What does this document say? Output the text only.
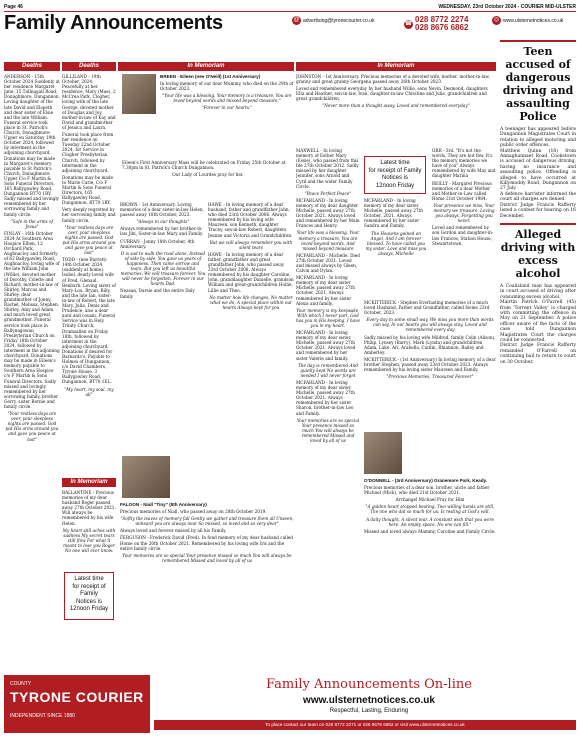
Page 46	WEDNESDAY, 23rd October 2024 - COURIER MID-ULSTER
Family Announcements	@ advertising@tyronecourier.co.uk	☎ 028 8772 2274
028 8676 6862
◎ www.ulsternetnotices.co.uk
Deaths	Deaths	In Memoriam	In Memoriam

ANDERSON - 15th October 2024 Suddenly at her residence Margaret Jane, 15 Tullnagall Road, Donaghmore, Dungannon. Loving daughter of the late David and Elspeth and dear sister of Elsie and the late William. Funeral service took place in St. Patrick's Church, Donaghmore Upper on Saturday 19th October 2024, followed by interment in the adjoining churchyard. Donations may be made in Margaret's memory payable to St Patrick's Church, Donaghmore Upper C/o F Martin & Sons Funeral Directors, 165 Ballygawley Road, Dungannon BT70 1RY. Sadly missed and lovingly remembered by her sorrowing family and family circle.

"Safe in the arms of Jesus"

FINLAY - 16th October 2024 At Southern Area Hospice Elben, 12 Orchard Park, Aughnacloy and formerly of 62 Ballygawley Road, Aughnacloy, loving wife of the late William John (Willie), devoted mother of Dorothy, Colette and Richard, mother-in-law of Shirley, Marcus and Shirley, dear grandmother of Jonny, Rachel, Melissa, Stephen, Shirley, Amy and Adam and much loved great grandmother. Funeral service took place in Ballynagowan Presbyterian Church on Friday 18th October 2024, followed by interment in the adjoining churchyard. Donations may be made in Eileen's memory payable to Southern Area Hospice c/o F Martin & Sons Funeral Directors. Sadly missed and lovingly remembered by her sorrowing family, brother Gerry, sister Bernie and family circle.

"Your restless days are over, your sleepless nights are passed. God put His arms around you and gave you peace at last"

GILLILAND - 19th October, 2024. Peacefully at her residence, Mary (Mae), 2 McCrea Park, Clogher, loving wife of the late George, devoted mother of Douglas and Joy, mother-in-law of Kay and David and grandmother of Jessica and Laura.

Funeral took place from her residence on Tuesday 22nd October 2024, for Service in Clogher Presbyterian Church, followed by interment in the adjoining churchyard.

Donations may be made to Marie Curie, C/o F Martin & Sons Funeral Directors, 165 Ballygawley Road, Dungannon, BT70 1RY.

Very deeply regretted by her sorrowing family and family circle.

"Your restless days are over, your sleepless nights are passed. God put His arms around you and gave you peace at last"

TODD - (nee Barrett) 14th October 2024 (suddenly at home). Isobel, dearly loved wife of Fred, Glenaul, Benburb. Loving sister of Mary-Lou, Bryan, Billy, and the late Ian, sister-in-law of Robert, the late Mary, Julia, Denis and Prudence, also a dear aunt and cousin. Funeral Service was in Holy Trinity Church, Drumsallen on Friday 18th, followed by interment in the adjoining churchyard. Donations if desired for Barnardo's. Payable to Holmes of Dungannon, c/o David Chambers, Tyrone House, 3 Ballygawley Road, Dungannon, BT70 1EL.

"My heart, my soul, my all"

In Memoriam

BALLANTINE - Precious memories of my dear husband Roger passed away 27th October 2021. Will always be remembered by his wife Helen.

My heart still aches with sadness My secret tears still flow For what it meant to lose you Roger No one will ever know.

Latest time
for receipt of Family
Notices is
12noon Friday

BREEN - Eileen (nee O'Neill) (1st Anniversary)

In loving memory of our dear Mummy, who died on the 29th of October 2023.

"Your life was a blessing, Your memory is a treasure, You are loved beyond words and missed beyond measure."

"Forever in our hearts."

Eileen's First Anniversary Mass will be celebrated on Friday 25th October at 7.30pm in St. Patrick's Church Dungannon.

Our Lady of Lourdes pray for her.

BROWN - 1st Anniversary. Loving memories of a dear sister-in-law Helen, passed away 18th October, 2023.

"Always in our thoughts"

Always remembered by her brother-in-law Jim, Sister-in-law Mary and Family.

CURRAN - Jonny 18th October, 4th Anniversary.

It is sad to walk the road alone, Instead of side by side, You gave us years of happiness, Then came sorrow and tears, But you left us beautiful memories, We will treasure forever. You will never be forgotten, Forever in our hearts Dad.

Neasan, Darsie and the entire Daly family

HAWE - In loving memory of a dear husband, father and grandfather John, who died 23rd October 2006. Always remembered by his loving wife Maureen, son Kenneth, daughter Tracey, son-in-law Robert, daughters Jeanne and Victoria and Grandchildren.

But we will always remember you with silent tears

HAWE - In loving memory of a dear father, grandfather and great grandfather John, who passed away 23rd October 2006. Always remembered by his daughter Caroline, John, granddaughter Danielle, grandson William and great-grandchildren Hollie, Lillie and Theo.

No matter how life changes, No matter what we do, A special place within our hearts Always kept for you

FALOON - Niall "Tiny" (5th Anniversary)

Precious memories of Niall, who passed away on 28th October 2019.

"Softly the leaves of memory fall Gently we gather and treasure them all Unseen, unheard you are always near So missed, so loved and so very dear"

Always loved and forever missed by all his Family.

FERGUSON - Frederick David (Fred). In fond memory of my dear husband called Home on the 20th October 2021. Remembered by his loving wife Iris and the entire family circle.

Your memories are so special Your presence missed so much You will always be remembered Missed and loved by all of us

JOHNSTON - 1st Anniversary. Precious memories of a devoted wife, mother, mother-in-law, granny and great granny Georgena passed away 26th October 2023.

Loved and remembered everyday by her husband Willie, sons Nevin, Desmond, daughters Ella and Heather, son-in-law, Ivan, daughter-in-law Christine and Julie, grandchildren and great grandchildren.

"Never more than a thought away. Loved and remembered everyday"

MAXWELL - In loving memory of Esther Mary (Essie), who passed from this life 27th October 2012. Sadly missed by her daughter Jennifer, sons Arnold and Cyril and the wider Family Circle.

"Peace Perfect Peace"

MCFARLAND - In loving memory of my dear daughter Michelle, passed away 27th October 2021. Always loved and remembered by her Mum Frances and Henry.

Your life was a blessing, Your memory a treasure, You are loved beyond words, And missed beyond measure

MCFARLAND - Michelle. Died 27th October 2021. Loved and missed always by Gleen, Calvin and Dylan.

MCFARLAND - In loving memory of my dear sister Michelle, passed away 27th October, 2021. Always remembered by her sister Alexis and family.

Your memory is my keepsake, With which I never part, God has you in His keeping, I have you in my heart.

MCFARLAND - In loving memory of my dear sister, Michelle, passed away 27th October 2021. Always loved and remembered by her sister Valerie and family.

The day is remembered And quietly kept No words are needed I will never forget

MCFARLAND - In loving memory of my dear sister, Michelle, passed away 27th October 2021. Always remembered by her sister Sharon, brother-in-law Leo and Family.

Your memories are so special Your presence missed so much You will always be remembered Missed and loved by all of us

Latest time
for receipt of Family
Notices is
12noon Friday

MCFARLAND - In loving memory of my dear sister Michelle, passed away 27th October, 2021. Always remembered by her sister Sandra and Family.

The Heavens gained an Angel, And I am forever blessed. To have called you my sister. Love and miss you always, Michelle

MCKITTERICK - Stephen Everlasting memories of a much loved Husband, Father and Grandfather, called Home 23rd October, 2023.

Every day in some small way, We miss you more than words can say, In our hearts you will always stay, Loved and remembered every day

Sadly missed by his loving wife Mildred, family Colin (Alison), Philip, Lynsey (Barry), Mark (Lynda) and grandchildren Adam, Luke, Ari, Arabella, Caitlin, Rhiannon, Bailey and Amberley.

MCKITTERICK - (1st Anniversary) In loving memory of a dear brother Stephen, passed away 23rd October 2023. Always remembered by his loving sister Maureen and Family.

"Precious Memories, Treasured Forever"

O'DONNELL - (3rd Anniversary) Granemore Park, Keady.

Precious memories of a dear son, brother, uncle and father Michael (Mick), who died 21st October 2021.

Archangel Michael Pray for Him

"A golden heart stopped beating, Two willing hands are still, The one who did so much for us, Is resting at God's will.

A daily thought, A silent tear. A constant wish that you were here. An empty space. No one can fill."

Missed and loved always Mammy, Caroline and Family Circle.

ORR - 3rd. "It's not the words, They are but few, It's the memory memories we have of you" Always remembered by wife May and daughter Marina

REILLY - Margaret Precious memories of a dear Mother and Mother-in-Law called Home 21st October 1984.

Your presence we miss, Your memory we treasure, Loving you always, Forgetting you never.

Loved and remembered by son Gordon and daughter-in-law Frances, Station House, Stewartstown.

Teen accused of dangerous driving and assaulting Police

A teenager has appeared before Dungannon Magistrates Court in relation to alleged motoring and public order offences.

Matthew Quinn (18) from Annaghannaer Road, Cookstown is accused of dangerous driving, having no insurance and assaulting police. Offending is alleged to have occurred at Killymoddy Road, Dungannon on 27 July.

A defence barrister informed the court all charges are denied.

District Judge Francis Rafferty listed a contest for hearing on 16 December.

Alleged driving with excess alcohol

A Coalisland man has appeared in court accused of driving after consuming excess alcohol.

Mairtin Patrick O'Farrell (45) from 'Torrent Valley' is charged with committing the offence in Moy on 21 September. A police officer aware of the facts of the case told Dungannon Magistrates Court the charges could be connected.

District Judge Francis Rafferty remanded O'Farrell on continuing bail to return to court on 30 October.

COUNTY
TYRONE COURIER
INDEPENDENT SINCE 1880
Family Announcements On-line
www.ulsternetnotices.co.uk
Respectful, Lasting, Enduring
To place contact our team on 028 8772 2271 or 028 8676 6862 or visit www.ulsternetnotices.co.uk
